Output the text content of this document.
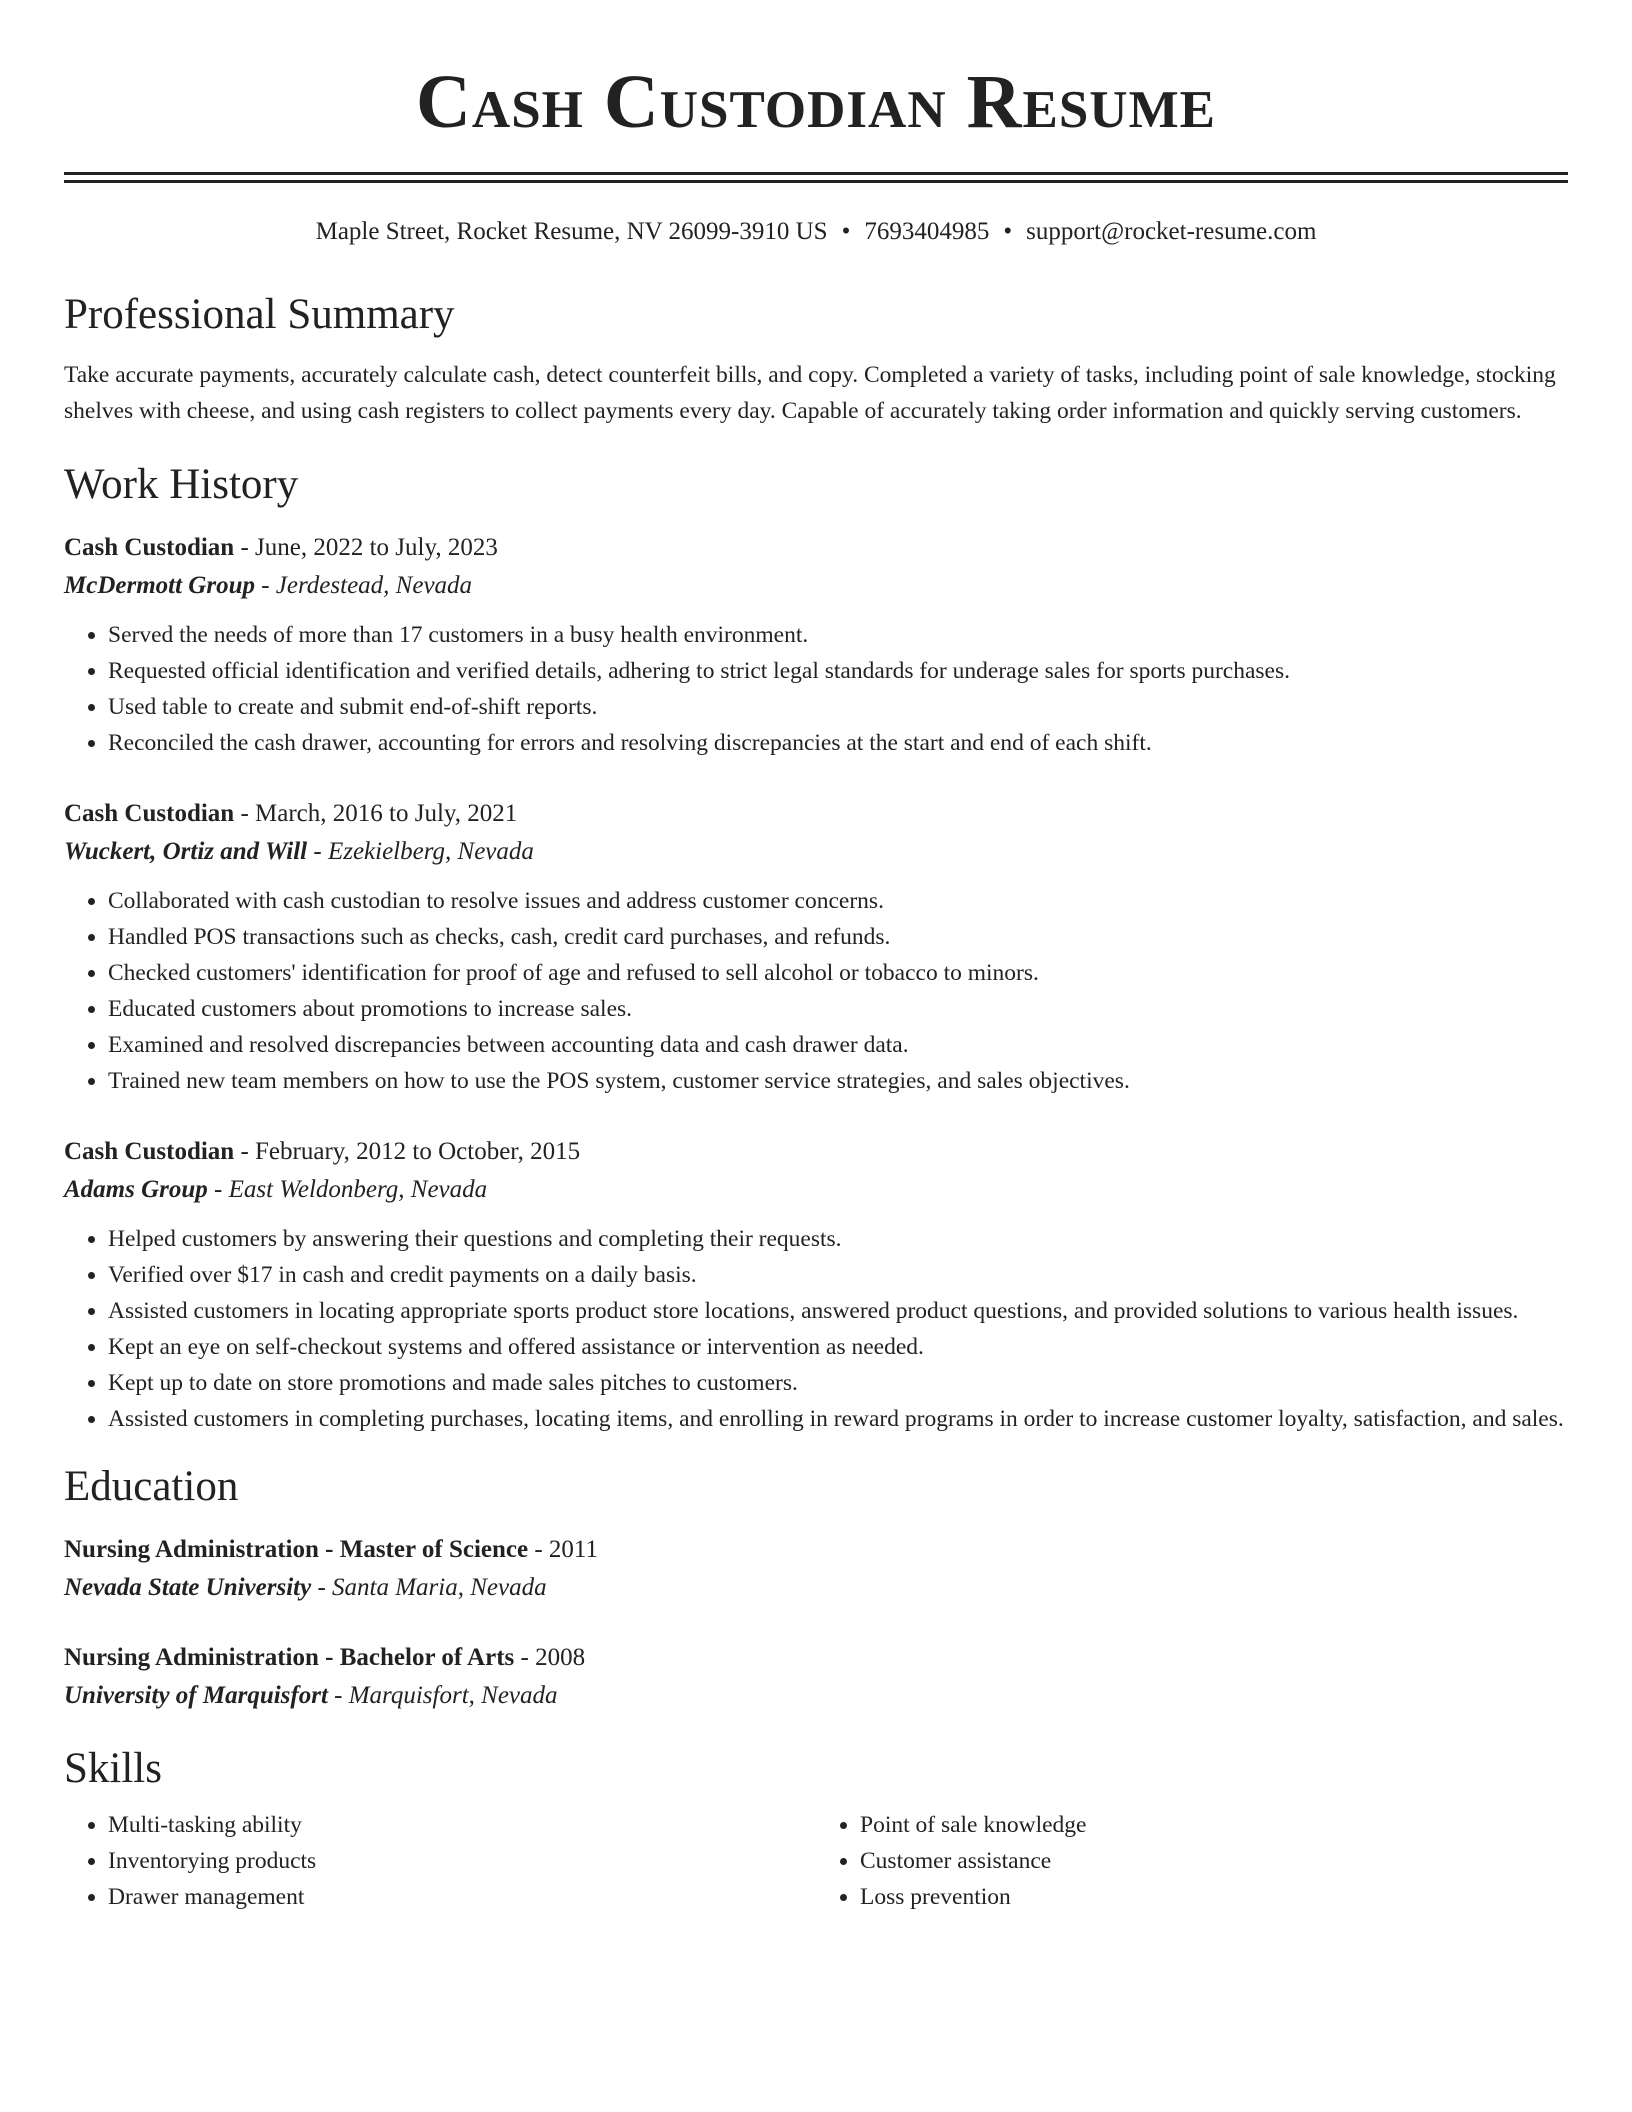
Cash Custodian Resume
Maple Street, Rocket Resume, NV 26099-3910 US • 7693404985 • support@rocket-resume.com
Professional Summary

Take accurate payments, accurately calculate cash, detect counterfeit bills, and copy. Completed a variety of tasks, including point of sale knowledge, stocking shelves with cheese, and using cash registers to collect payments every day. Capable of accurately taking order information and quickly serving customers.

Work History
Cash Custodian - June, 2022 to July, 2023
McDermott Group - Jerdestead, Nevada
• Served the needs of more than 17 customers in a busy health environment.
• Requested official identification and verified details, adhering to strict legal standards for underage sales for sports purchases.
• Used table to create and submit end-of-shift reports.
• Reconciled the cash drawer, accounting for errors and resolving discrepancies at the start and end of each shift.
Cash Custodian - March, 2016 to July, 2021
Wuckert, Ortiz and Will - Ezekielberg, Nevada
• Collaborated with cash custodian to resolve issues and address customer concerns.
• Handled POS transactions such as checks, cash, credit card purchases, and refunds.
• Checked customers' identification for proof of age and refused to sell alcohol or tobacco to minors.
• Educated customers about promotions to increase sales.
• Examined and resolved discrepancies between accounting data and cash drawer data.
• Trained new team members on how to use the POS system, customer service strategies, and sales objectives.
Cash Custodian - February, 2012 to October, 2015
Adams Group - East Weldonberg, Nevada
• Helped customers by answering their questions and completing their requests.
• Verified over $17 in cash and credit payments on a daily basis.
• Assisted customers in locating appropriate sports product store locations, answered product questions, and provided solutions to various health issues.
• Kept an eye on self-checkout systems and offered assistance or intervention as needed.
• Kept up to date on store promotions and made sales pitches to customers.
• Assisted customers in completing purchases, locating items, and enrolling in reward programs in order to increase customer loyalty, satisfaction, and sales.
Education
Nursing Administration - Master of Science - 2011
Nevada State University - Santa Maria, Nevada
Nursing Administration - Bachelor of Arts - 2008
University of Marquisfort - Marquisfort, Nevada
Skills
• Multi-tasking ability
• Inventorying products
• Drawer management
• Point of sale knowledge
• Customer assistance
• Loss prevention
